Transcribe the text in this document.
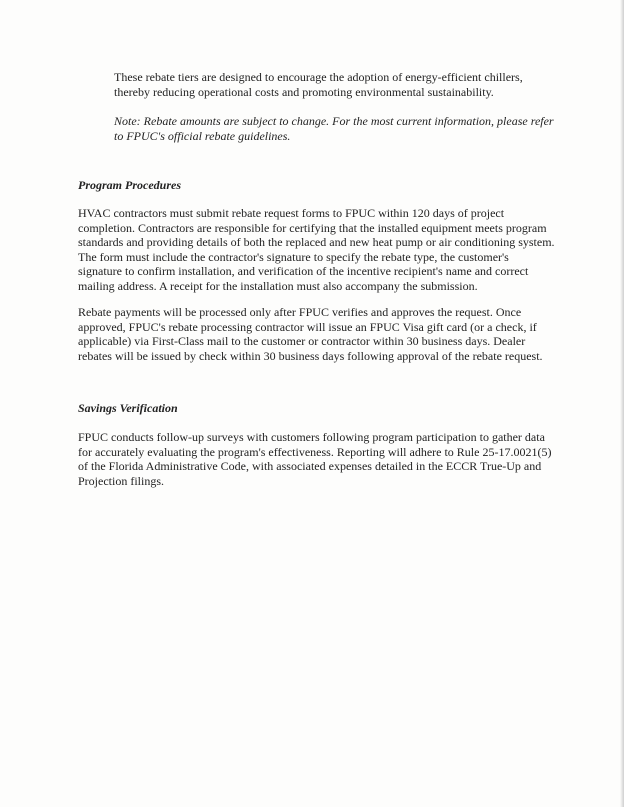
These rebate tiers are designed to encourage the adoption of energy-efficient chillers,
thereby reducing operational costs and promoting environmental sustainability.
Note: Rebate amounts are subject to change. For the most current information, please refer
to FPUC's official rebate guidelines.
Program Procedures
HVAC contractors must submit rebate request forms to FPUC within 120 days of project
completion. Contractors are responsible for certifying that the installed equipment meets program
standards and providing details of both the replaced and new heat pump or air conditioning system.
The form must include the contractor's signature to specify the rebate type, the customer's
signature to confirm installation, and verification of the incentive recipient's name and correct
mailing address. A receipt for the installation must also accompany the submission.
Rebate payments will be processed only after FPUC verifies and approves the request. Once
approved, FPUC's rebate processing contractor will issue an FPUC Visa gift card (or a check, if
applicable) via First-Class mail to the customer or contractor within 30 business days. Dealer
rebates will be issued by check within 30 business days following approval of the rebate request.
Savings Verification
FPUC conducts follow-up surveys with customers following program participation to gather data
for accurately evaluating the program's effectiveness. Reporting will adhere to Rule 25-17.0021(5)
of the Florida Administrative Code, with associated expenses detailed in the ECCR True-Up and
Projection filings.
